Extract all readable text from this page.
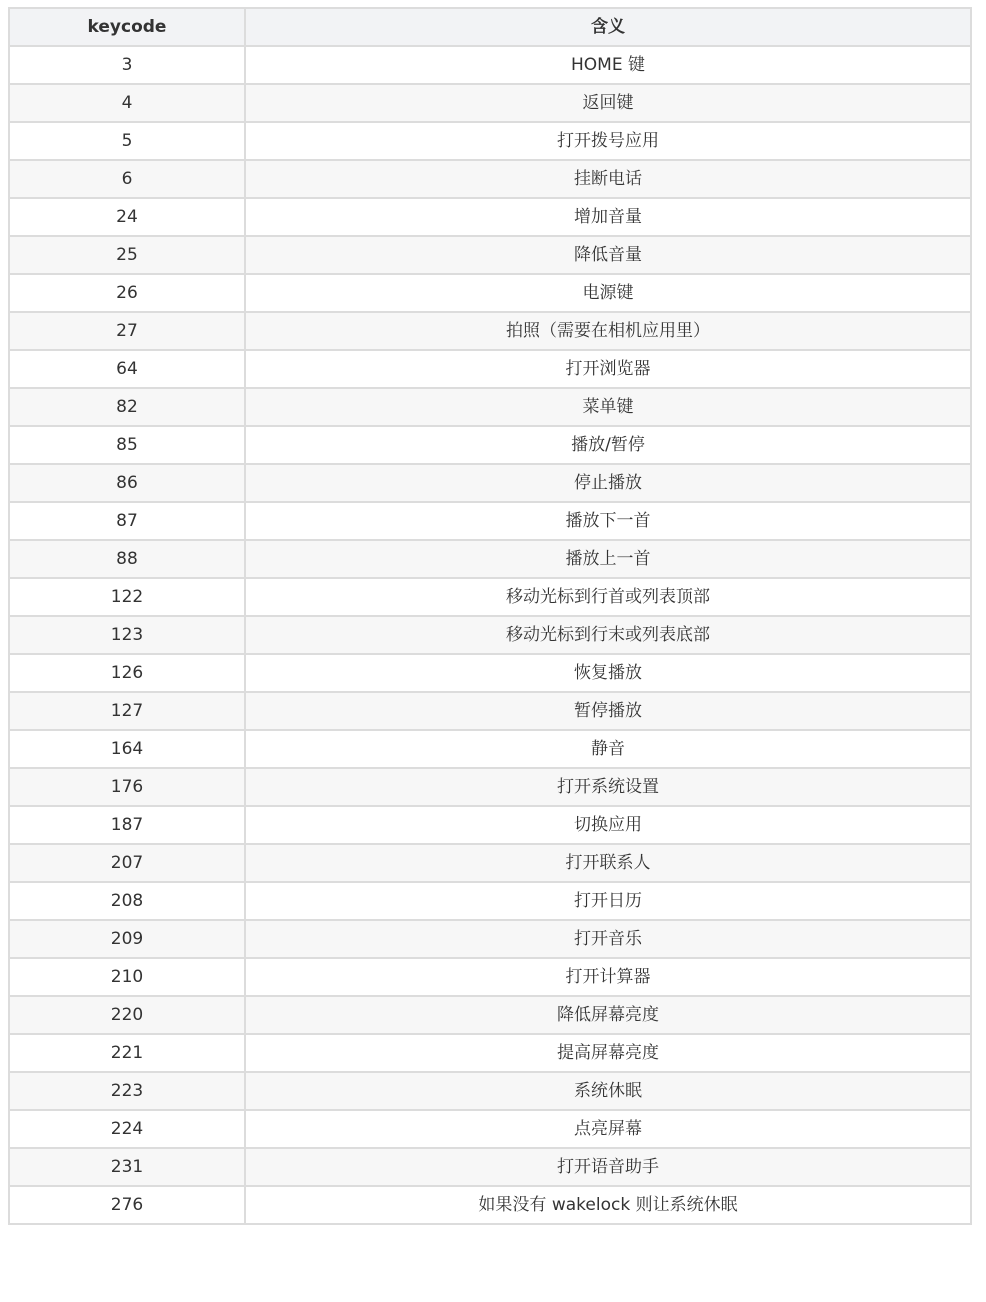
keycode	含义
3	HOME 键
4	返回键
5	打开拨号应用
6	挂断电话
24	增加音量
25	降低音量
26	电源键
27	拍照（需要在相机应用里）
64	打开浏览器
82	菜单键
85	播放/暂停
86	停止播放
87	播放下一首
88	播放上一首
122	移动光标到行首或列表顶部
123	移动光标到行末或列表底部
126	恢复播放
127	暂停播放
164	静音
176	打开系统设置
187	切换应用
207	打开联系人
208	打开日历
209	打开音乐
210	打开计算器
220	降低屏幕亮度
221	提高屏幕亮度
223	系统休眠
224	点亮屏幕
231	打开语音助手
276	如果没有 wakelock 则让系统休眠
